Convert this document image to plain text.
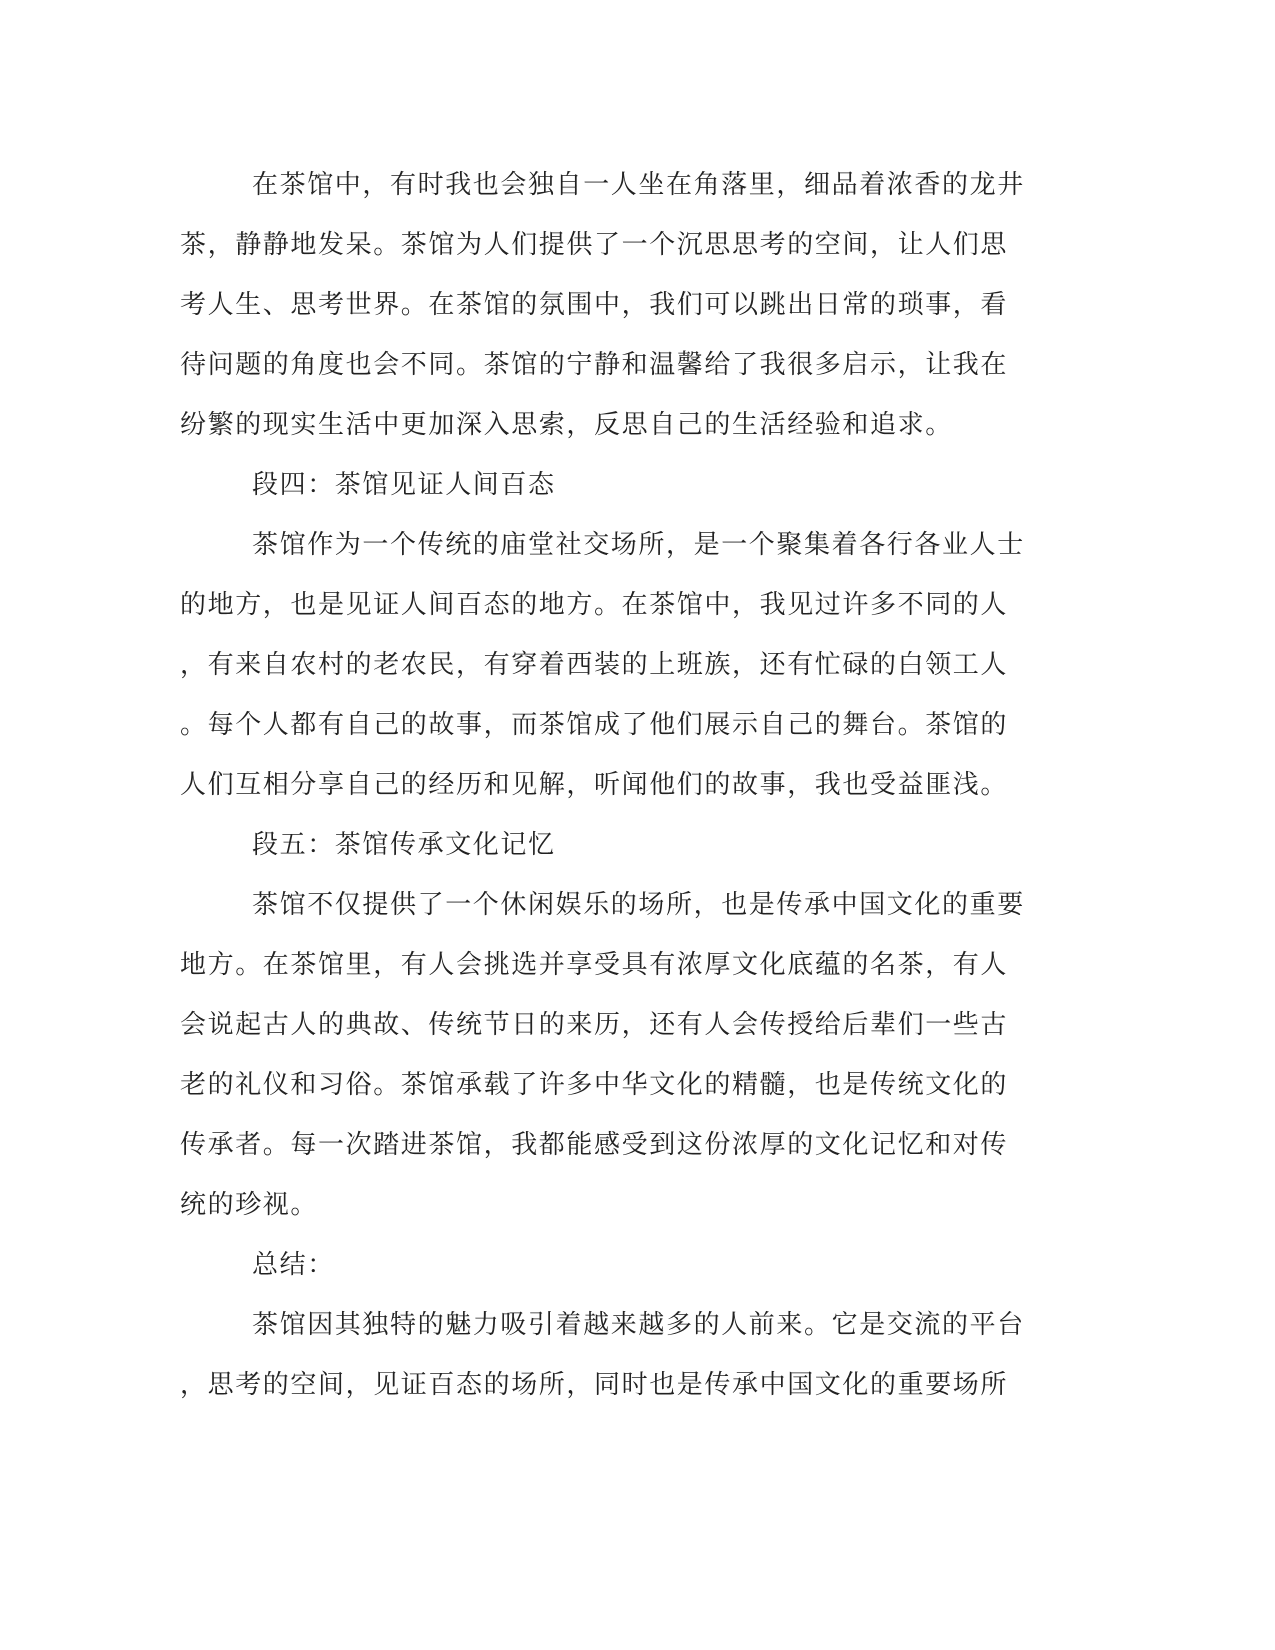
在茶馆中，有时我也会独自一人坐在角落里，细品着浓香的龙井
茶，静静地发呆。茶馆为人们提供了一个沉思思考的空间，让人们思
考人生、思考世界。在茶馆的氛围中，我们可以跳出日常的琐事，看
待问题的角度也会不同。茶馆的宁静和温馨给了我很多启示，让我在
纷繁的现实生活中更加深入思索，反思自己的生活经验和追求。
段四：茶馆见证人间百态
茶馆作为一个传统的庙堂社交场所，是一个聚集着各行各业人士
的地方，也是见证人间百态的地方。在茶馆中，我见过许多不同的人
，有来自农村的老农民，有穿着西装的上班族，还有忙碌的白领工人
。每个人都有自己的故事，而茶馆成了他们展示自己的舞台。茶馆的
人们互相分享自己的经历和见解，听闻他们的故事，我也受益匪浅。
段五：茶馆传承文化记忆
茶馆不仅提供了一个休闲娱乐的场所，也是传承中国文化的重要
地方。在茶馆里，有人会挑选并享受具有浓厚文化底蕴的名茶，有人
会说起古人的典故、传统节日的来历，还有人会传授给后辈们一些古
老的礼仪和习俗。茶馆承载了许多中华文化的精髓，也是传统文化的
传承者。每一次踏进茶馆，我都能感受到这份浓厚的文化记忆和对传
统的珍视。
总结：
茶馆因其独特的魅力吸引着越来越多的人前来。它是交流的平台
，思考的空间，见证百态的场所，同时也是传承中国文化的重要场所
